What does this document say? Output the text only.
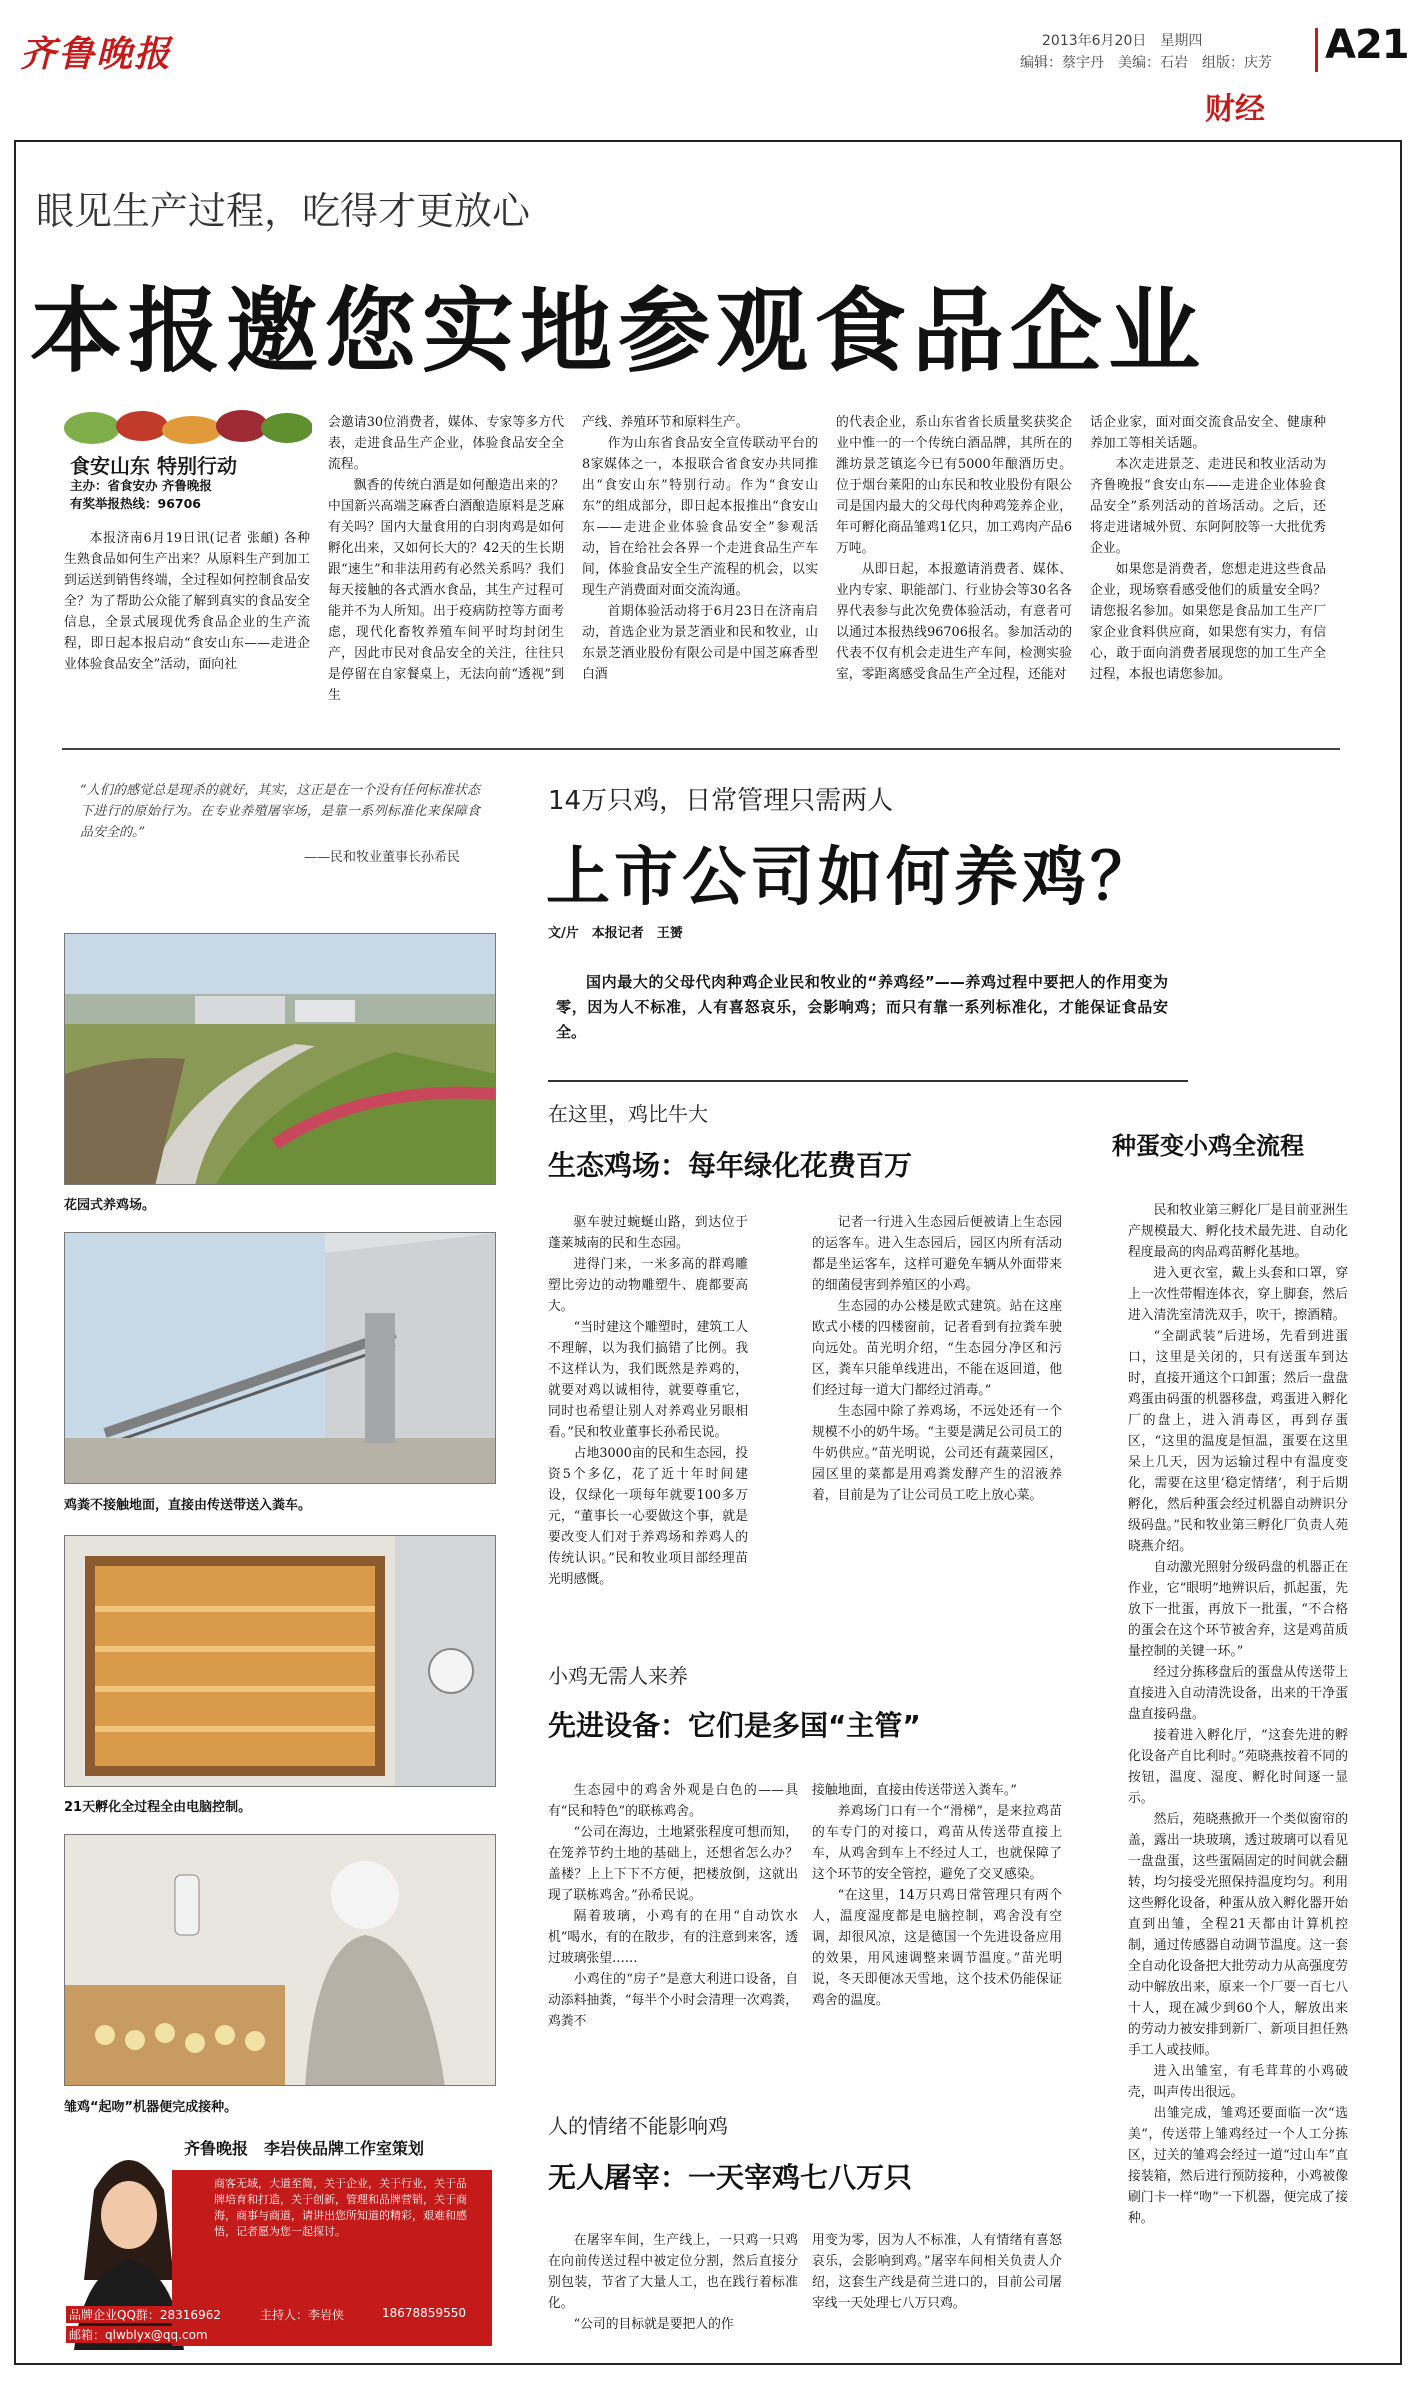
齐鲁晚报	2013年6月20日　 星期四
编辑：蔡宇丹　美编：石岩　组版：庆芳 A21
财经
眼见生产过程，吃得才更放心
本报邀您实地参观食品企业
食安山东 特别行动
主办：省食安办 齐鲁晚报
有奖举报热线：96706

本报济南6月19日讯(记者 张頔) 各种生熟食品如何生产出来？从原料生产到加工到运送到销售终端，全过程如何控制食品安全？为了帮助公众能了解到真实的食品安全信息，全景式展现优秀食品企业的生产流程，即日起本报启动“食安山东——走进企业体验食品安全”活动，面向社

会邀请30位消费者，媒体、专家等多方代表，走进食品生产企业，体验食品安全全流程。

飘香的传统白酒是如何酿造出来的？中国新兴高端芝麻香白酒酿造原料是芝麻有关吗？国内大量食用的白羽肉鸡是如何孵化出来，又如何长大的？42天的生长期跟“速生”和非法用药有必然关系吗？我们每天接触的各式酒水食品，其生产过程可能并不为人所知。出于疫病防控等方面考虑，现代化畜牧养殖车间平时均封闭生产，因此市民对食品安全的关注，往往只是停留在自家餐桌上，无法向前“透视”到生

产线、养殖环节和原料生产。

作为山东省食品安全宣传联动平台的8家媒体之一，本报联合省食安办共同推出“食安山东”特别行动。作为“食安山东”的组成部分，即日起本报推出“食安山东——走进企业体验食品安全”参观活动，旨在给社会各界一个走进食品生产车间，体验食品安全生产流程的机会，以实现生产消费面对面交流沟通。

首期体验活动将于6月23日在济南启动，首选企业为景芝酒业和民和牧业，山东景芝酒业股份有限公司是中国芝麻香型白酒

的代表企业，系山东省省长质量奖获奖企业中惟一的一个传统白酒品牌，其所在的潍坊景芝镇迄今已有5000年酿酒历史。位于烟台莱阳的山东民和牧业股份有限公司是国内最大的父母代肉种鸡笼养企业，年可孵化商品雏鸡1亿只，加工鸡肉产品6万吨。

从即日起，本报邀请消费者、媒体、业内专家、职能部门、行业协会等30名各界代表参与此次免费体验活动，有意者可以通过本报热线96706报名。参加活动的代表不仅有机会走进生产车间，检测实验室，零距离感受食品生产全过程，还能对

话企业家，面对面交流食品安全、健康种养加工等相关话题。

本次走进景芝、走进民和牧业活动为齐鲁晚报“食安山东——走进企业体验食品安全”系列活动的首场活动。之后，还将走进诸城外贸、东阿阿胶等一大批优秀企业。

如果您是消费者，您想走进这些食品企业，现场察看感受他们的质量安全吗？请您报名参加。如果您是食品加工生产厂家企业食料供应商，如果您有实力，有信心，敢于面向消费者展现您的加工生产全过程，本报也请您参加。

“人们的感觉总是现杀的就好，其实，这正是在一个没有任何标准状态下进行的原始行为。在专业养殖屠宰场，是靠一系列标准化来保障食品安全的。”
——民和牧业董事长孙希民
花园式养鸡场。
鸡粪不接触地面，直接由传送带送入粪车。
21天孵化全过程全由电脑控制。
雏鸡“起吻”机器便完成接种。
齐鲁晚报　李岩侠品牌工作室策划
商客无域，大道至简，关于企业，关于行业，关于品牌培育和打造，关于创新，管理和品牌营销，关于商海，商事与商道，请讲出您所知道的精彩，艰难和感悟，记者愿为您一起探讨。
品牌企业QQ群：28316962	主持人：李岩侠	18678859550
邮箱：qlwblyx@qq.com
14万只鸡，日常管理只需两人
上市公司如何养鸡？
文/片　本报记者　王赟
国内最大的父母代肉种鸡企业民和牧业的“养鸡经”——养鸡过程中要把人的作用变为零，因为人不标准，人有喜怒哀乐，会影响鸡；而只有靠一系列标准化，才能保证食品安全。
在这里，鸡比牛大
生态鸡场：每年绿化花费百万

驱车驶过蜿蜒山路，到达位于蓬莱城南的民和生态园。

进得门来，一米多高的群鸡雕塑比旁边的动物雕塑牛、鹿都要高大。

“当时建这个雕塑时，建筑工人不理解，以为我们搞错了比例。我不这样认为，我们既然是养鸡的，就要对鸡以诚相待，就要尊重它，同时也希望让别人对养鸡业另眼相看。”民和牧业董事长孙希民说。

占地3000亩的民和生态园，投资5个多亿，花了近十年时间建设，仅绿化一项每年就要100多万元，“董事长一心要做这个事，就是要改变人们对于养鸡场和养鸡人的传统认识。”民和牧业项目部经理苗光明感慨。

记者一行进入生态园后便被请上生态园的运客车。进入生态园后，园区内所有活动都是坐运客车，这样可避免车辆从外面带来的细菌侵害到养殖区的小鸡。

生态园的办公楼是欧式建筑。站在这座欧式小楼的四楼窗前，记者看到有拉粪车驶向远处。苗光明介绍，“生态园分净区和污区，粪车只能单线进出，不能在返回道，他们经过每一道大门都经过消毒。”

生态园中除了养鸡场，不远处还有一个规模不小的奶牛场。“主要是满足公司员工的牛奶供应。”苗光明说，公司还有蔬菜园区，园区里的菜都是用鸡粪发酵产生的沼液养着，目前是为了让公司员工吃上放心菜。

小鸡无需人来养
先进设备：它们是多国“主管”

生态园中的鸡舍外观是白色的——具有“民和特色”的联栋鸡舍。

“公司在海边，土地紧张程度可想而知，在笼养节约土地的基础上，还想省怎么办？盖楼？上上下下不方便，把楼放倒，这就出现了联栋鸡舍。”孙希民说。

隔着玻璃，小鸡有的在用“自动饮水机”喝水，有的在散步，有的注意到来客，透过玻璃张望……

小鸡住的“房子”是意大利进口设备，自动添料抽粪，“每半个小时会清理一次鸡粪，鸡粪不

接触地面，直接由传送带送入粪车。”

养鸡场门口有一个“滑梯”，是来拉鸡苗的车专门的对接口，鸡苗从传送带直接上车，从鸡舍到车上不经过人工，也就保障了这个环节的安全管控，避免了交叉感染。

“在这里，14万只鸡日常管理只有两个人，温度湿度都是电脑控制，鸡舍没有空调，却很风凉，这是德国一个先进设备应用的效果，用风速调整来调节温度。”苗光明说，冬天即便冰天雪地，这个技术仍能保证鸡舍的温度。

人的情绪不能影响鸡
无人屠宰：一天宰鸡七八万只

在屠宰车间，生产线上，一只鸡一只鸡在向前传送过程中被定位分割，然后直接分别包装，节省了大量人工，也在践行着标准化。

“公司的目标就是要把人的作

用变为零，因为人不标准，人有情绪有喜怒哀乐，会影响到鸡。”屠宰车间相关负责人介绍，这套生产线是荷兰进口的，目前公司屠宰线一天处理七八万只鸡。

种蛋变小鸡全流程

民和牧业第三孵化厂是目前亚洲生产规模最大、孵化技术最先进、自动化程度最高的肉品鸡苗孵化基地。

进入更衣室，戴上头套和口罩，穿上一次性带帽连体衣，穿上脚套，然后进入清洗室清洗双手，吹干，擦酒精。

“全副武装”后进场，先看到进蛋口，这里是关闭的，只有送蛋车到达时，直接开通这个口卸蛋；然后一盘盘鸡蛋由码蛋的机器移盘，鸡蛋进入孵化厂的盘上，进入消毒区，再到存蛋区，“这里的温度是恒温，蛋要在这里呆上几天，因为运输过程中有温度变化，需要在这里‘稳定情绪’，利于后期孵化，然后种蛋会经过机器自动辨识分级码盘。”民和牧业第三孵化厂负责人苑晓燕介绍。

自动激光照射分级码盘的机器正在作业，它“眼明”地辨识后，抓起蛋，先放下一批蛋，再放下一批蛋，“不合格的蛋会在这个环节被舍弃，这是鸡苗质量控制的关键一环。”

经过分拣移盘后的蛋盘从传送带上直接进入自动清洗设备，出来的干净蛋盘直接码盘。

接着进入孵化厅，“这套先进的孵化设备产自比利时。”苑晓燕按着不同的按钮，温度、湿度、孵化时间逐一显示。

然后，苑晓燕掀开一个类似窗帘的盖，露出一块玻璃，透过玻璃可以看见一盘盘蛋，这些蛋隔固定的时间就会翻转，均匀接受光照保持温度均匀。利用这些孵化设备，种蛋从放入孵化器开始直到出雏，全程21天都由计算机控制，通过传感器自动调节温度。这一套全自动化设备把大批劳动力从高强度劳动中解放出来，原来一个厂要一百七八十人，现在减少到60个人，解放出来的劳动力被安排到新厂、新项目担任熟手工人或技师。

进入出雏室，有毛茸茸的小鸡破壳，叫声传出很远。

出雏完成，雏鸡还要面临一次“选美”，传送带上雏鸡经过一个人工分拣区，过关的雏鸡会经过一道“过山车”直接装箱，然后进行预防接种，小鸡被像刷门卡一样“吻”一下机器，便完成了接种。
